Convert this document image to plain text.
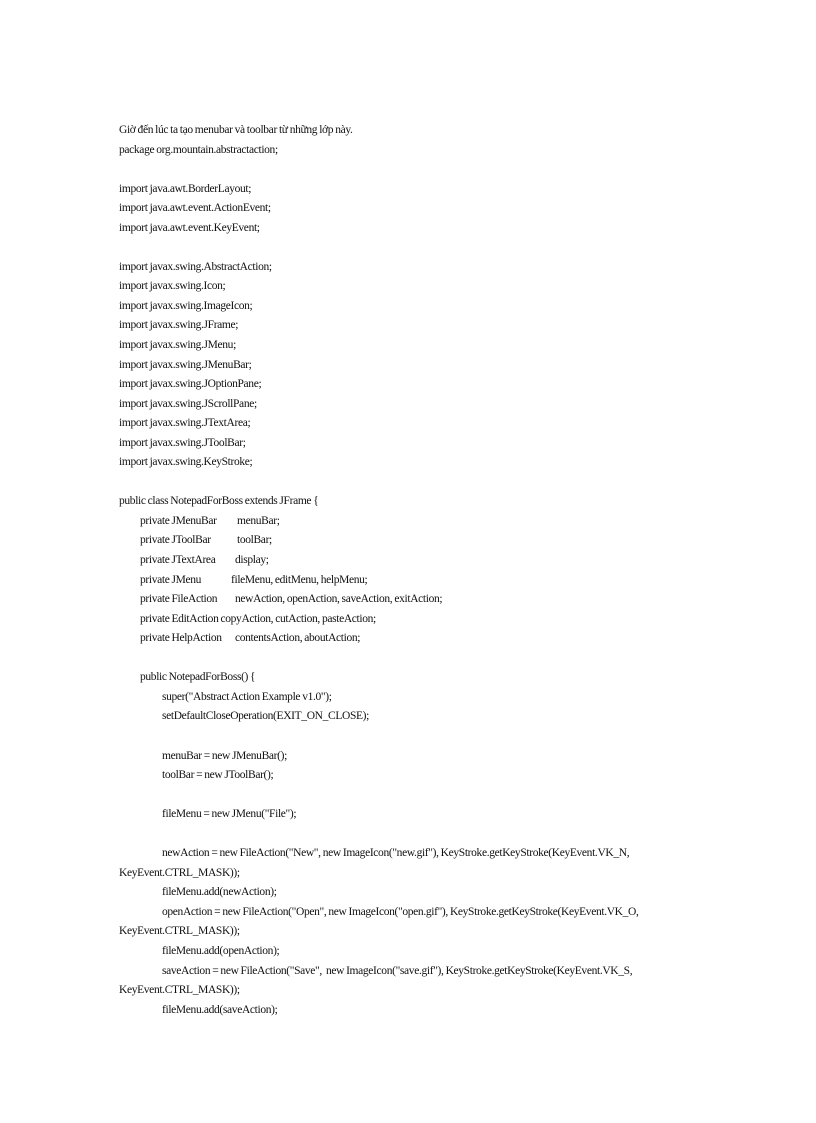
Giờ đến lúc ta tạo menubar và toolbar từ những lớp này.
package org.mountain.abstractaction;
import java.awt.BorderLayout;
import java.awt.event.ActionEvent;
import java.awt.event.KeyEvent;
import javax.swing.AbstractAction;
import javax.swing.Icon;
import javax.swing.ImageIcon;
import javax.swing.JFrame;
import javax.swing.JMenu;
import javax.swing.JMenuBar;
import javax.swing.JOptionPane;
import javax.swing.JScrollPane;
import javax.swing.JTextArea;
import javax.swing.JToolBar;
import javax.swing.KeyStroke;
public class NotepadForBoss extends JFrame {
private JMenuBar menuBar;
private JToolBar toolBar;
private JTextArea display;
private JMenu	fileMenu, editMenu, helpMenu;
private FileAction newAction, openAction, saveAction, exitAction;
private EditAction copyAction, cutAction, pasteAction;
private HelpAction contentsAction, aboutAction;
public NotepadForBoss() {
super("Abstract Action Example v1.0");
setDefaultCloseOperation(EXIT_ON_CLOSE);
menuBar = new JMenuBar();
toolBar = new JToolBar();
fileMenu = new JMenu("File");
newAction = new FileAction("New", new ImageIcon("new.gif"), KeyStroke.getKeyStroke(KeyEvent.VK_N,
KeyEvent.CTRL_MASK));
fileMenu.add(newAction);
openAction = new FileAction("Open", new ImageIcon("open.gif"), KeyStroke.getKeyStroke(KeyEvent.VK_O,
KeyEvent.CTRL_MASK));
fileMenu.add(openAction);
saveAction = new FileAction("Save",  new ImageIcon("save.gif"), KeyStroke.getKeyStroke(KeyEvent.VK_S,
KeyEvent.CTRL_MASK));
fileMenu.add(saveAction);
